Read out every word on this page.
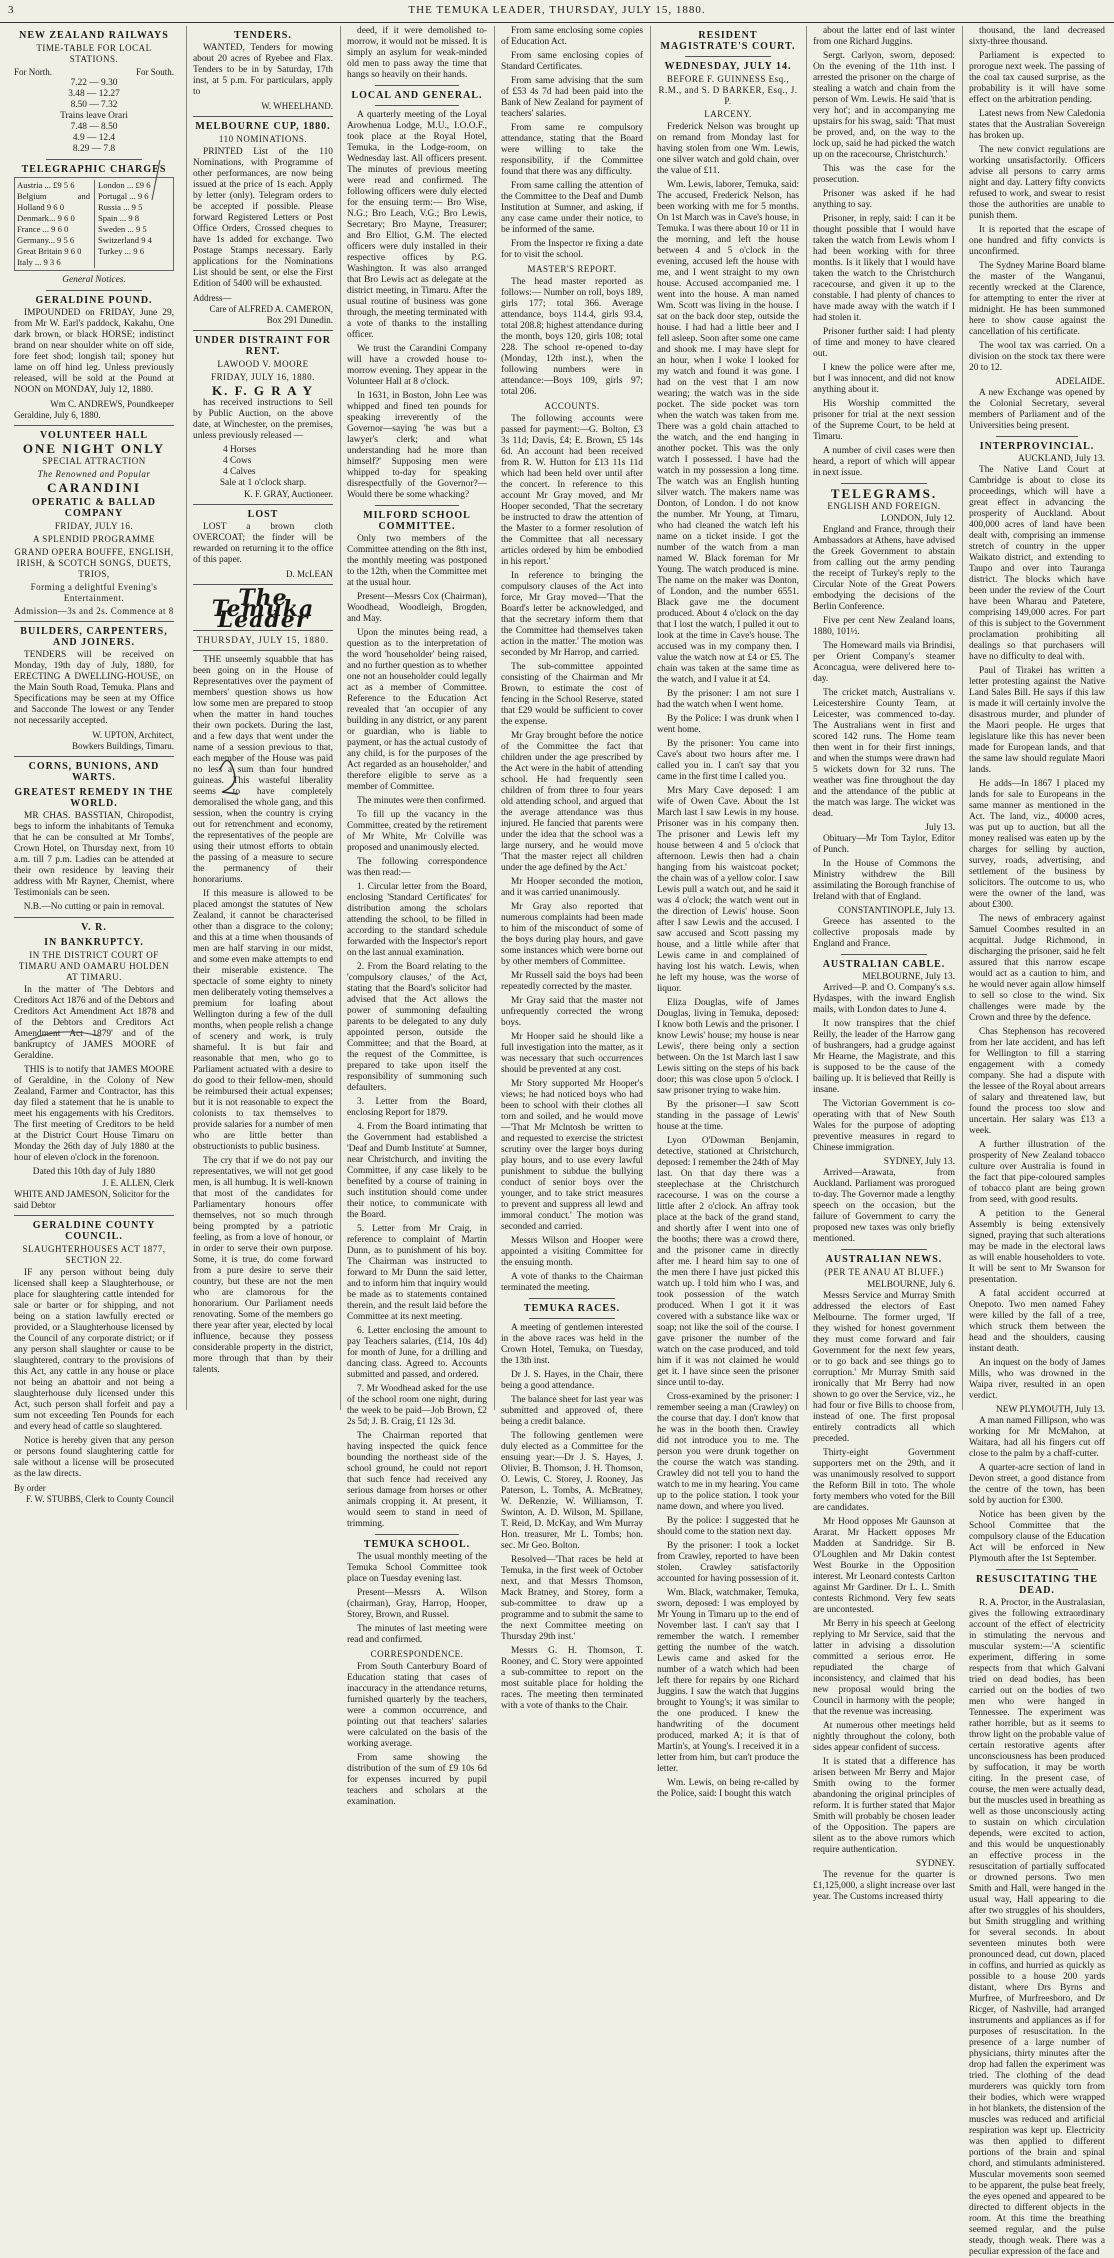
3	THE TEMUKA LEADER, THURSDAY, JULY 15, 1880.
NEW ZEALAND RAILWAYS
TIME-TABLE FOR LOCAL STATIONS.
For North.	For South.
7.22 — 9.30
3.48 — 12.27
8.50 — 7.32
Trains leave Orari
7.48 — 8.50
4.9 — 12.4
8.29 — 7.8
TELEGRAPHIC CHARGES
Austria ... £9 5 6
Belgium and Holland 9 6 0
Denmark... 9 6 0
France ... 9 6 0
Germany... 9 5 6
Great Britain 9 6 0
Italy ... 9 3 6
London ... £9 6
Portugal ... 9 6
Russia ... 9 5
Spain ... 9 8
Sweden ... 9 5
Switzerland 9 4
Turkey ... 9 6
General Notices.
GERALDINE POUND.

IMPOUNDED on FRIDAY, June 29, from Mr W. Earl's paddock, Kakahu, One dark brown, or black HORSE; indistinct brand on near shoulder white on off side, fore feet shod; longish tail; sponey hut lame on off hind leg. Unless previously released, will be sold at the Pound at NOON on MONDAY, July 12, 1880.

Wm C. ANDREWS, Poundkeeper
Geraldine, July 6, 1880.
VOLUNTEER HALL
ONE NIGHT ONLY
SPECIAL ATTRACTION
The Renowned and Popular
CARANDINI
OPERATIC & BALLAD COMPANY
FRIDAY, JULY 16.
A SPLENDID PROGRAMME
GRAND OPERA BOUFFE, ENGLISH, IRISH, & SCOTCH SONGS, DUETS, TRIOS,
Forming a delightful Evening's Entertainment.
Admission—3s and 2s. Commence at 8
BUILDERS, CARPENTERS, AND JOINERS.

TENDERS will be received on Monday, 19th day of July, 1880, for ERECTING A DWELLING-HOUSE, on the Main South Road, Temuka. Plans and Specifications may be seen at my Office and Sacconde The lowest or any Tender not necessarily accepted.

W. UPTON, Architect,
Bowkers Buildings, Timaru.
CORNS, BUNIONS, AND WARTS.
GREATEST REMEDY IN THE WORLD.

MR CHAS. BASSTIAN, Chiropodist, begs to inform the inhabitants of Temuka that he can be consulted at Mr Tombs', Crown Hotel, on Thursday next, from 10 a.m. till 7 p.m. Ladies can be attended at their own residence by leaving their address with Mr Rayner, Chemist, where Testimonials can be seen.

N.B.—No cutting or pain in removal.
V. R.
IN BANKRUPTCY.
IN THE DISTRICT COURT OF TIMARU AND OAMARU HOLDEN AT TIMARU.

In the matter of 'The Debtors and Creditors Act 1876 and of the Debtors and Creditors Act Amendment Act 1878 and of the Debtors and Creditors Act Amendment Act 1879' and of the bankruptcy of JAMES MOORE of Geraldine.

THIS is to notify that JAMES MOORE of Geraldine, in the Colony of New Zealand, Farmer and Contractor, has this day filed a statement that he is unable to meet his engagements with his Creditors. The first meeting of Creditors to be held at the District Court House Timaru on Monday the 26th day of July 1880 at the hour of eleven o'clock in the forenoon.

Dated this 10th day of July 1880
J. E. ALLEN, Clerk
WHITE AND JAMESON, Solicitor for the said Debtor
GERALDINE COUNTY COUNCIL.
SLAUGHTERHOUSES ACT 1877, SECTION 22.

IF any person without being duly licensed shall keep a Slaughterhouse, or place for slaughtering cattle intended for sale or barter or for shipping, and not being on a station lawfully erected or provided, or a Slaughterhouse licensed by the Council of any corporate district; or if any person shall slaughter or cause to be slaughtered, contrary to the provisions of this Act, any cattle in any house or place not being an abattoir and not being a slaughterhouse duly licensed under this Act, such person shall forfeit and pay a sum not exceeding Ten Pounds for each and every head of cattle so slaughtered.

Notice is hereby given that any person or persons found slaughtering cattle for sale without a license will be prosecuted as the law directs.

By order
F. W. STUBBS, Clerk to County Council
TENDERS.

WANTED, Tenders for mowing about 20 acres of Ryebee and Flax. Tenders to be in by Saturday, 17th inst, at 5 p.m. For particulars, apply to

W. WHEELHAND.
MELBOURNE CUP, 1880.
110 NOMINATIONS.

PRINTED List of the 110 Nominations, with Programme of other performances, are now being issued at the price of 1s each. Apply by letter (only). Telegram orders to be accepted if possible. Please forward Registered Letters or Post Office Orders, Crossed cheques to have 1s added for exchange. Two Postage Stamps necessary. Early applications for the Nominations List should be sent, or else the First Edition of 5400 will be exhausted.

Address—
Care of ALFRED A. CAMERON, Box 291 Dunedin.
UNDER DISTRAINT FOR RENT.
LAWOOD V. MOORE
FRIDAY, JULY 16, 1880.
K. F. G R A Y

has received instructions to Sell by Public Auction, on the above date, at Winchester, on the premises, unless previously released —

4 Horses
4 Cows
4 Calves
Sale at 1 o'clock sharp.
K. F. GRAY, Auctioneer.
LOST

LOST a brown cloth OVERCOAT; the finder will be rewarded on returning it to the office of this paper.

D. McLEAN
The Temuka Leader
THURSDAY, JULY 15, 1880.

THE unseemly squabble that has been going on in the House of Representatives over the payment of members' question shows us how low some men are prepared to stoop when the matter in hand touches their own pockets. During the last, and a few days that went under the name of a session previous to that, each member of the House was paid no less a sum than four hundred guineas. This wasteful liberality seems to have completely demoralised the whole gang, and this session, when the country is crying out for retrenchment and economy, the representatives of the people are using their utmost efforts to obtain the passing of a measure to secure the permanency of their honorariums.

If this measure is allowed to be placed amongst the statutes of New Zealand, it cannot be characterised other than a disgrace to the colony; and this at a time when thousands of men are half starving in our midst, and some even make attempts to end their miserable existence. The spectacle of some eighty to ninety men deliberately voting themselves a premium for loafing about Wellington during a few of the dull months, when people relish a change of scenery and work, is truly shameful. It is but fair and reasonable that men, who go to Parliament actuated with a desire to do good to their fellow-men, should be reimbursed their actual expenses; but it is not reasonable to expect the colonists to tax themselves to provide salaries for a number of men who are little better than obstructionists to public business.

The cry that if we do not pay our representatives, we will not get good men, is all humbug. It is well-known that most of the candidates for Parliamentary honours offer themselves, not so much through being prompted by a patriotic feeling, as from a love of honour, or in order to serve their own purpose. Some, it is true, do come forward from a pure desire to serve their country, but these are not the men who are clamorous for the honorarium. Our Parliament needs renovating. Some of the members go there year after year, elected by local influence, because they possess considerable property in the district, more through that than by their talents.

deed, if it were demolished to-morrow, it would not be missed. It is simply an asylum for weak-minded old men to pass away the time that hangs so heavily on their hands.

LOCAL AND GENERAL.

A quarterly meeting of the Loyal Arowhenua Lodge, M.U., I.O.O.F., took place at the Royal Hotel, Temuka, in the Lodge-room, on Wednesday last. All officers present. The minutes of previous meeting were read and confirmed. The following officers were duly elected for the ensuing term:— Bro Wise, N.G.; Bro Leach, V.G.; Bro Lewis, Secretary; Bro Mayne, Treasurer; and Bro Elliot, G.M. The elected officers were duly installed in their respective offices by P.G. Washington. It was also arranged that Bro Lewis act as delegate at the district meeting, in Timaru. After the usual routine of business was gone through, the meeting terminated with a vote of thanks to the installing officer.

We trust the Carandini Company will have a crowded house to-morrow evening. They appear in the Volunteer Hall at 8 o'clock.

In 1631, in Boston, John Lee was whipped and fined ten pounds for speaking irreverently of the Governor—saying 'he was but a lawyer's clerk; and what understanding had he more than himself?' Supposing men were whipped to-day for speaking disrespectfully of the Governor?—Would there be some whacking?

MILFORD SCHOOL COMMITTEE.

Only two members of the Committee attending on the 8th inst, the monthly meeting was postponed to the 12th, when the Committee met at the usual hour.

Present—Messrs Cox (Chairman), Woodhead, Woodleigh, Brogden, and May.

Upon the minutes being read, a question as to the interpretation of the word 'householder' being raised, and no further question as to whether one not an householder could legally act as a member of Committee. Reference to the Education Act revealed that 'an occupier of any building in any district, or any parent or guardian, who is liable to payment, or has the actual custody of any child, is for the purposes of the Act regarded as an householder,' and therefore eligible to serve as a member of Committee.

The minutes were then confirmed.

To fill up the vacancy in the Committee, created by the retirement of Mr White, Mr Colville was proposed and unanimously elected.

The following correspondence was then read:—

1. Circular letter from the Board, enclosing 'Standard Certificates' for distribution among the scholars attending the school, to be filled in according to the standard schedule forwarded with the Inspector's report on the last annual examination.

2. From the Board relating to the 'compulsory clauses,' of the Act, stating that the Board's solicitor had advised that the Act allows the power of summoning defaulting parents to be delegated to any duly appointed person, outside the Committee; and that the Board, at the request of the Committee, is prepared to take upon itself the responsibility of summoning such defaulters.

3. Letter from the Board, enclosing Report for 1879.

4. From the Board intimating that the Government had established a 'Deaf and Dumb Institute' at Sumner, near Christchurch, and inviting the Committee, if any case likely to be benefited by a course of training in such institution should come under their notice, to communicate with the Board.

5. Letter from Mr Craig, in reference to complaint of Martin Dunn, as to punishment of his boy. The Chairman was instructed to forward to Mr Dunn the said letter, and to inform him that inquiry would be made as to statements contained therein, and the result laid before the Committee at its next meeting.

6. Letter enclosing the amount to pay Teachers salaries, (£14, 10s 4d) for month of June, for a drilling and dancing class. Agreed to. Accounts submitted and passed, and ordered.

7. Mr Woodhead asked for the use of the school room one night, during the week to be paid—Job Brown, £2 2s 5d; J. B. Craig, £1 12s 3d.

The Chairman reported that having inspected the quick fence bounding the northeast side of the school ground, he could not report that such fence had received any serious damage from horses or other animals cropping it. At present, it would seem to stand in need of trimming.

TEMUKA SCHOOL.

The usual monthly meeting of the Temuka School Committee took place on Tuesday evening last.

Present—Messrs A. Wilson (chairman), Gray, Harrop, Hooper, Storey, Brown, and Russel.

The minutes of last meeting were read and confirmed.

CORRESPONDENCE.

From South Canterbury Board of Education stating that cases of inaccuracy in the attendance returns, furnished quarterly by the teachers, were a common occurrence, and pointing out that teachers' salaries were calculated on the basis of the working average.

From same showing the distribution of the sum of £9 10s 6d for expenses incurred by pupil teachers and scholars at the examination.

From same enclosing some copies of Education Act.

From same enclosing copies of Standard Certificates.

From same advising that the sum of £53 4s 7d had been paid into the Bank of New Zealand for payment of teachers' salaries.

From same re compulsory attendance, stating that the Board were willing to take the responsibility, if the Committee found that there was any difficulty.

From same calling the attention of the Committee to the Deaf and Dumb Institution at Sumner, and asking, if any case came under their notice, to be informed of the same.

From the Inspector re fixing a date for to visit the school.

MASTER'S REPORT.

The head master reported as follows:— Number on roll, boys 189, girls 177; total 366. Average attendance, boys 114.4, girls 93.4, total 208.8; highest attendance during the month, boys 120, girls 108; total 228. The school re-opened to-day (Monday, 12th inst.), when the following numbers were in attendance:—Boys 109, girls 97; total 206.

ACCOUNTS.

The following accounts were passed for payment:—G. Bolton, £3 3s 11d; Davis, £4; E. Brown, £5 14s 6d. An account had been received from R. W. Hutton for £13 11s 11d which had been held over until after the concert. In reference to this account Mr Gray moved, and Mr Hooper seconded, 'That the secretary be instructed to draw the attention of the Master to a former resolution of the Committee that all necessary articles ordered by him be embodied in his report.'

In reference to bringing the compulsory clauses of the Act into force, Mr Gray moved—'That the Board's letter be acknowledged, and that the secretary inform them that the Committee had themselves taken action in the matter.' The motion was seconded by Mr Harrop, and carried.

The sub-committee appointed consisting of the Chairman and Mr Brown, to estimate the cost of fencing in the School Reserve, stated that £29 would be sufficient to cover the expense.

Mr Gray brought before the notice of the Committee the fact that children under the age prescribed by the Act were in the habit of attending school. He had frequently seen children of from three to four years old attending school, and argued that the average attendance was thus injured. He fancied that parents were under the idea that the school was a large nursery, and he would move 'That the master reject all children under the age defined by the Act.'

Mr Hooper seconded the motion, and it was carried unanimously.

Mr Gray also reported that numerous complaints had been made to him of the misconduct of some of the boys during play hours, and gave some instances which were borne out by other members of Committee.

Mr Russell said the boys had been repeatedly corrected by the master.

Mr Gray said that the master not unfrequently corrected the wrong boys.

Mr Hooper said he should like a full investigation into the matter, as it was necessary that such occurrences should be prevented at any cost.

Mr Story supported Mr Hooper's views; he had noticed boys who had been to school with their clothes all torn and soiled, and he would move—'That Mr Mclntosh be written to and requested to exercise the strictest scrutiny over the larger boys during play hours, and to use every lawful punishment to subdue the bullying conduct of senior boys over the younger, and to take strict measures to prevent and suppress all lewd and immoral conduct.' The motion was seconded and carried.

Messrs Wilson and Hooper were appointed a visiting Committee for the ensuing month.

A vote of thanks to the Chairman terminated the meeting.

TEMUKA RACES.

A meeting of gentlemen interested in the above races was held in the Crown Hotel, Temuka, on Tuesday, the 13th inst.

Dr J. S. Hayes, in the Chair, there being a good attendance.

The balance sheet for last year was submitted and approved of, there being a credit balance.

The following gentlemen were duly elected as a Committee for the ensuing year:—Dr J. S. Hayes, J. Olivier, B. Thomson, J. H. Thomson, O. Lewis, C. Storey, J. Rooney, Jas Paterson, L. Tombs, A. McBratney, W. DeRenzie, W. Williamson, T. Swinton, A. D. Wilson, M. Spillane, T. Reid, D. McKay, and Wm Murray Hon. treasurer, Mr L. Tombs; hon. sec. Mr Geo. Bolton.

Resolved—'That races be held at Temuka, in the first week of October next, and that Messrs Thomson, Mack Bratney, and Storey, form a sub-committee to draw up a programme and to submit the same to the next Committee meeting on Thursday 29th inst.'

Messrs G. H. Thomson, T. Rooney, and C. Story were appointed a sub-committee to report on the most suitable place for holding the races. The meeting then terminated with a vote of thanks to the Chair.

RESIDENT MAGISTRATE'S COURT.
WEDNESDAY, JULY 14.
BEFORE F. GUINNESS Esq., R.M., and S. D BARKER, Esq., J. P.
LARCENY.

Frederick Nelson was brought up on remand from Monday last for having stolen from one Wm. Lewis, one silver watch and gold chain, over the value of £11.

Wm. Lewis, laborer, Temuka, said: The accused, Frederick Nelson, has been working with me for 5 months. On 1st March was in Cave's house, in Temuka. I was there about 10 or 11 in the morning, and left the house between 4 and 5 o'clock in the evening, accused left the house with me, and I went straight to my own house. Accused accompanied me. I went into the house. A man named Wm. Scott was living in the house. I sat on the back door step, outside the house. I had had a little beer and I fell asleep. Soon after some one came and shook me. I may have slept for an hour, when I woke I looked for my watch and found it was gone. I had on the vest that I am now wearing; the watch was in the side pocket. The side pocket was torn when the watch was taken from me. There was a gold chain attached to the watch, and the end hanging in another pocket. This was the only watch I possessed. I have had the watch in my possession a long time. The watch was an English hunting silver watch. The makers name was Donton, of London. I do not know the number. Mr Young, at Timaru, who had cleaned the watch left his name on a ticket inside. I got the number of the watch from a man named W. Black foreman for Mr Young. The watch produced is mine. The name on the maker was Donton, of London, and the number 6551. Black gave me the document produced. About 4 o'clock on the day that I lost the watch, I pulled it out to look at the time in Cave's house. The accused was in my company then. I value the watch now at £4 or £5. The chain was taken at the same time as the watch, and I value it at £4.

By the prisoner: I am not sure I had the watch when I went home.

By the Police: I was drunk when I went home.

By the prisoner: You came into Cave's about two hours after me. I called you in. I can't say that you came in the first time I called you.

Mrs Mary Cave deposed: I am wife of Owen Cave. About the 1st March last I saw Lewis in my house. Prisoner was in his company then. The prisoner and Lewis left my house between 4 and 5 o'clock that afternoon. Lewis then had a chain hanging from his waistcoat pocket; the chain was of a yellow color. I saw Lewis pull a watch out, and he said it was 4 o'clock; the watch went out in the direction of Lewis' house. Soon after I saw Lewis and the accused. I saw accused and Scott passing my house, and a little while after that Lewis came in and complained of having lost his watch. Lewis, when he left my house, was the worse of liquor.

Eliza Douglas, wife of James Douglas, living in Temuka, deposed: I know both Lewis and the prisoner. I know Lewis' house; my house is near Lewis', there being only a section between. On the 1st March last I saw Lewis sitting on the steps of his back door; this was close upon 5 o'clock. I saw prisoner trying to wake him.

By the prisoner—I saw Scott standing in the passage of Lewis' house at the time.

Lyon O'Dowman Benjamin, detective, stationed at Christchurch, deposed: I remember the 24th of May last. On that day there was a steeplechase at the Christchurch racecourse. I was on the course a little after 2 o'clock. An affray took place at the back of the grand stand, and shortly after I went into one of the booths; there was a crowd there, and the prisoner came in directly after me. I heard him say to one of the men there I have just picked this watch up. I told him who I was, and took possession of the watch produced. When I got it it was covered with a substance like wax or soap; not like the soil of the course. I gave prisoner the number of the watch on the case produced, and told him if it was not claimed he would get it. I have since seen the prisoner since until to-day.

Cross-examined by the prisoner: I remember seeing a man (Crawley) on the course that day. I don't know that he was in the booth then. Crawley did not introduce you to me. The person you were drunk together on the course the watch was standing. Crawley did not tell you to hand the watch to me in my hearing. You came up to the police station. I took your name down, and where you lived.

By the police: I suggested that he should come to the station next day.

By the prisoner: I took a locket from Crawley, reported to have been stolen. Crawley satisfactorily accounted for having possession of it.

Wm. Black, watchmaker, Temuka, sworn, deposed: I was employed by Mr Young in Timaru up to the end of November last. I can't say that I remember the watch. I remember getting the number of the watch. Lewis came and asked for the number of a watch which had been left there for repairs by one Richard Juggins. I saw the watch that Juggins brought to Young's; it was similar to the one produced. I knew the handwriting of the document produced, marked A; it is that of Martin's, at Young's. I received it in a letter from him, but can't produce the letter.

Wm. Lewis, on being re-called by the Police, said: I bought this watch

about the latter end of last winter from one Richard Juggins.

Sergt. Carlyon, sworn, deposed: On the evening of the 11th inst. I arrested the prisoner on the charge of stealing a watch and chain from the person of Wm. Lewis. He said 'that is very hot'; and in accompanying me upstairs for his swag, said: 'That must be proved, and, on the way to the lock up, said he had picked the watch up on the racecourse, Christchurch.'

This was the case for the prosecution.

Prisoner was asked if he had anything to say.

Prisoner, in reply, said: I can it be thought possible that I would have taken the watch from Lewis whom I had been working with for three months. Is it likely that I would have taken the watch to the Christchurch racecourse, and given it up to the constable. I had plenty of chances to have made away with the watch if I had stolen it.

Prisoner further said: I had plenty of time and money to have cleared out.

I knew the police were after me, but I was innocent, and did not know anything about it.

His Worship committed the prisoner for trial at the next session of the Supreme Court, to be held at Timaru.

A number of civil cases were then heard, a report of which will appear in next issue.

TELEGRAMS.
ENGLISH AND FOREIGN.
LONDON, July 12.

England and France, through their Ambassadors at Athens, have advised the Greek Government to abstain from calling out the army pending the receipt of Turkey's reply to the Circular Note of the Great Powers embodying the decisions of the Berlin Conference.

Five per cent New Zealand loans, 1880, 101½.

The Homeward mails via Brindisi, per Orient Company's steamer Aconcagua, were delivered here to-day.

The cricket match, Australians v. Leicestershire County Team, at Leicester, was commenced to-day. The Australians went in first and scored 142 runs. The Home team then went in for their first innings, and when the stumps were drawn had 5 wickets down for 32 runs. The weather was fine throughout the day and the attendance of the public at the match was large. The wicket was dead.

July 13.

Obituary—Mr Tom Taylor, Editor of Punch.

In the House of Commons the Ministry withdrew the Bill assimilating the Borough franchise of Ireland with that of England.

CONSTANTINOPLE, July 13.

Greece has assented to the collective proposals made by England and France.

AUSTRALIAN CABLE.
MELBOURNE, July 13.

Arrived—P. and O. Company's s.s. Hydaspes, with the inward English mails, with London dates to June 4.

It now transpires that the chief Reilly, the leader of the Harrow gang of bushrangers, had a grudge against Mr Hearne, the Magistrate, and this is supposed to be the cause of the bailing up. It is believed that Reilly is insane.

The Victorian Government is co-operating with that of New South Wales for the purpose of adopting preventive measures in regard to Chinese immigration.

SYDNEY, July 13.

Arrived—Arawata, from Auckland. Parliament was prorogued to-day. The Governor made a lengthy speech on the occasion, but the failure of Government to carry the proposed new taxes was only briefly mentioned.

AUSTRALIAN NEWS.
(PER TE ANAU AT BLUFF.)
MELBOURNE, July 6.

Messrs Service and Murray Smith addressed the electors of East Melbourne. The former urged, 'If they wished for honest government they must come forward and fair Government for the next few years, or to go back and see things go to corruption.' Mr Murray Smith said ironically that Mr Berry had now shown to go over the Service, viz., he had four or five Bills to choose from, instead of one. The first proposal entirely contradicts all which preceded.

Thirty-eight Government supporters met on the 29th, and it was unanimously resolved to support the Reform Bill in toto. The whole forty members who voted for the Bill are candidates.

Mr Hood opposes Mr Gaunson at Ararat. Mr Hackett opposes Mr Madden at Sandridge. Sir B. O'Loughlen and Mr Dakin contest West Bourke in the Opposition interest. Mr Leonard contests Carlton against Mr Gardiner. Dr L. L. Smith contests Richmond. Very few seats are uncontested.

Mr Berry in his speech at Geelong replying to Mr Service, said that the latter in advising a dissolution committed a serious error. He repudiated the charge of inconsistency, and claimed that his new proposal would bring the Council in harmony with the people; that the revenue was increasing.

At numerous other meetings held nightly throughout the colony, both sides appear confident of success.

It is stated that a difference has arisen between Mr Berry and Major Smith owing to the former abandoning the original principles of reform. It is further stated that Major Smith will probably be chosen leader of the Opposition. The papers are silent as to the above rumors which require authentication.

SYDNEY.

The revenue for the quarter is £1,125,000, a slight increase over last year. The Customs increased thirty

thousand, the land decreased sixty-three thousand.

Parliament is expected to prorogue next week. The passing of the coal tax caused surprise, as the probability is it will have some effect on the arbitration pending.

Latest news from New Caledonia states that the Australian Sovereign has broken up.

The new convict regulations are working unsatisfactorily. Officers advise all persons to carry arms night and day. Lattery fifty convicts refused to work, and swear to resist those the authorities are unable to punish them.

It is reported that the escape of one hundred and fifty convicts is unconfirmed.

The Sydney Marine Board blame the master of the Wanganui, recently wrecked at the Clarence, for attempting to enter the river at midnight. He has been summoned here to show cause against the cancellation of his certificate.

The wool tax was carried. On a division on the stock tax there were 20 to 12.

ADELAIDE.

A new Exchange was opened by the Colonial Secretary, several members of Parliament and of the Universities being present.

INTERPROVINCIAL.
AUCKLAND, July 13.

The Native Land Court at Cambridge is about to close its proceedings, which will have a great effect in advancing the prosperity of Auckland. About 400,000 acres of land have been dealt with, comprising an immense stretch of country in the upper Waikato district, and extending to Taupo and over into Tauranga district. The blocks which have been under the review of the Court have been Wharau and Patetere, comprising 149,000 acres. For part of this is subject to the Government proclamation prohibiting all dealings so that purchasers will have no difficulty to deal with.

Paul of Tirakei has written a letter protesting against the Native Land Sales Bill. He says if this law is made it will certainly involve the disastrous murder, and plunder of the Maori people. He urges that legislature like this has never been made for European lands, and that the same law should regulate Maori lands.

He adds—In 1867 I placed my lands for sale to Europeans in the same manner as mentioned in the Act. The land, viz., 40000 acres, was put up to auction, but all the money realised was eaten up by the charges for selling by auction, survey, roads, advertising, and settlement of the business by solicitors. The outcome to us, who were the owner of the land, was about £300.

The news of embracery against Samuel Coombes resulted in an acquittal. Judge Richmond, in discharging the prisoner, said he felt assured that this narrow escape would act as a caution to him, and he would never again allow himself to sell so close to the wind. Six challenges were made by the Crown and three by the defence.

Chas Stephenson has recovered from her late accident, and has left for Wellington to fill a starring engagement with a comedy company. She had a dispute with the lessee of the Royal about arrears of salary and threatened law, but found the process too slow and uncertain. Her salary was £13 a week.

A further illustration of the prosperity of New Zealand tobacco culture over Australia is found in the fact that pipe-coloured samples of tobacco plant are being grown from seed, with good results.

A petition to the General Assembly is being extensively signed, praying that such alterations may be made in the electoral laws as will enable householders to vote. It will be sent to Mr Swanson for presentation.

A fatal accident occurred at Onepoto. Two men named Fahey were killed by the fall of a tree, which struck them between the head and the shoulders, causing instant death.

An inquest on the body of James Mills, who was drowned in the Waipa river, resulted in an open verdict.

NEW PLYMOUTH, July 13.

A man named Fillipson, who was working for Mr McMahon, at Waitara, had all his fingers cut off close to the palm by a chaff-cutter.

A quarter-acre section of land in Devon street, a good distance from the centre of the town, has been sold by auction for £300.

Notice has been given by the School Committee that the compulsory clause of the Education Act will be enforced in New Plymouth after the 1st September.

RESUSCITATING THE DEAD.

R. A. Proctor, in the Australasian, gives the following extraordinary account of the effect of electricity in stimulating the nervous and muscular system:—'A scientific experiment, differing in some respects from that which Galvani tried on dead bodies, has been carried out on the bodies of two men who were hanged in Tennessee. The experiment was rather horrible, but as it seems to throw light on the probable value of certain restorative agents after unconsciousness has been produced by suffocation, it may be worth citing. In the present case, of course, the men were actually dead, but the muscles used in breathing as well as those unconsciously acting to sustain on which circulation depends, were excited to action, and this would be unquestionably an effective process in the resuscitation of partially suffocated or drowned persons. Two men Smith and Hall, were hanged in the usual way, Hall appearing to die after two struggles of his shoulders, but Smith struggling and writhing for several seconds. In about seventeen minutes both were pronounced dead, cut down, placed in coffins, and hurried as quickly as possible to a house 200 yards distant, where Drs Byrns and Murfree, of Murfreesboro, and Dr Ricger, of Nashville, had arranged instruments and appliances as if for purposes of resuscitation. In the presence of a large number of physicians, thirty minutes after the drop had fallen the experiment was tried. The clothing of the dead murderers was quickly torn from their bodies, which were wrapped in hot blankets, the distension of the muscles was reduced and artificial respiration was kept up. Electricity was then applied to different portions of the brain and spinal chord, and stimulants administered. Muscular movements soon seemed to be apparent, the pulse beat freely, the eyes opened and appeared to be directed to different objects in the room. At this time the breathing seemed regular, and the pulse steady, though weak. There was a peculiar expression of the face and
